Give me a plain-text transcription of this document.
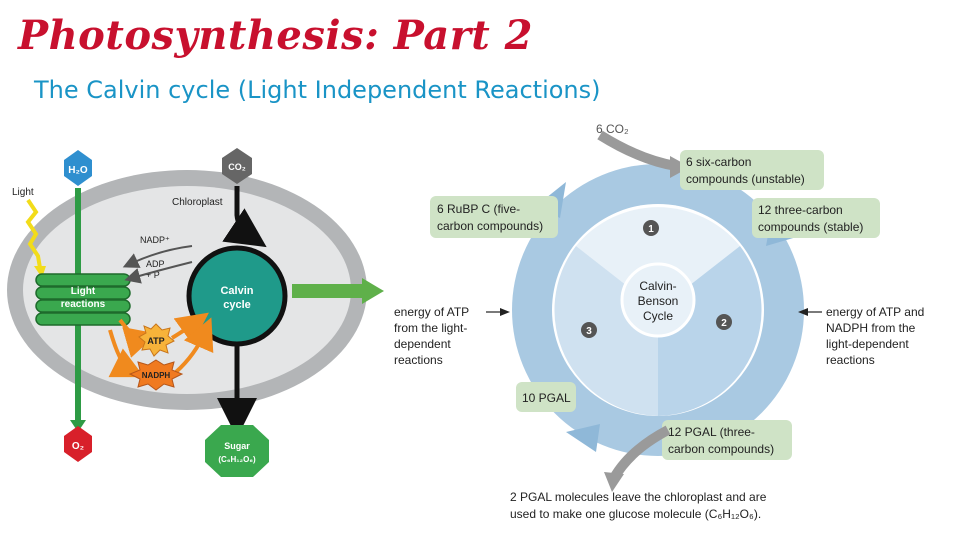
Photosynthesis: Part 2
The Calvin cycle (Light Independent Reactions)
Chloroplast
H₂O
O₂
Light
Light
reactions
CO₂
NADP⁺
ADP
+ P
Calvin
cycle
ATP
NADPH
Sugar
(C₆H₁₂O₆)
Calvin-
Benson
Cycle
1
2
3
6 CO₂
6 six-carbon
compounds (unstable)
6 RuBP C (five-
carbon compounds)
12 three-carbon
compounds (stable)
10 PGAL
12 PGAL (three-
carbon compounds)
energy of ATP
from the light-
dependent
reactions
energy of ATP and
NADPH from the
light-dependent
reactions
2 PGAL molecules leave the chloroplast and are
used to make one glucose molecule (C₆H₁₂O₆).
